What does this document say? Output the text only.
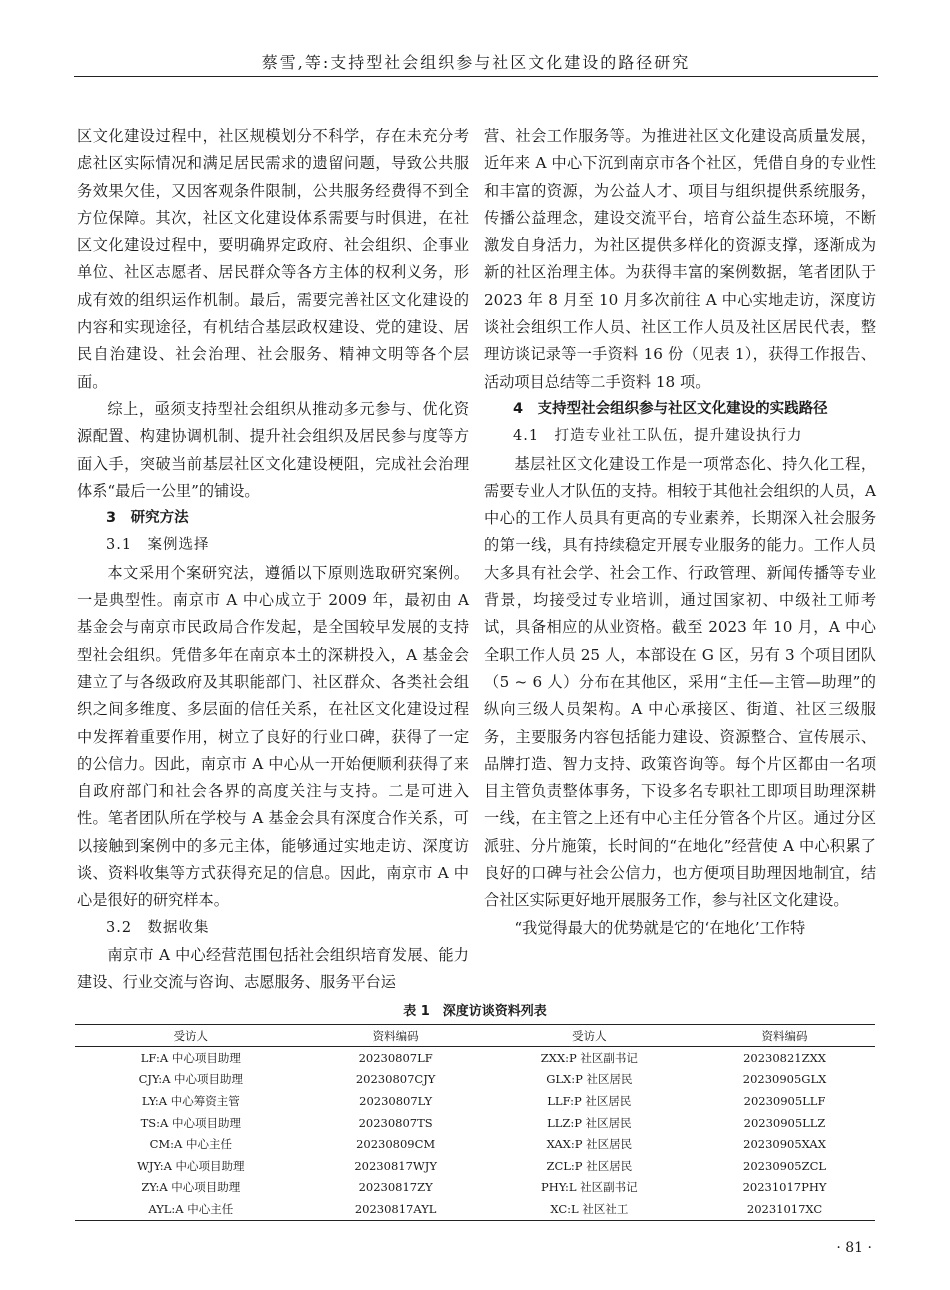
蔡雪,等:支持型社会组织参与社区文化建设的路径研究

区文化建设过程中，社区规模划分不科学，存在未充分考虑社区实际情况和满足居民需求的遗留问题，导致公共服务效果欠佳，又因客观条件限制，公共服务经费得不到全方位保障。其次，社区文化建设体系需要与时俱进，在社区文化建设过程中，要明确界定政府、社会组织、企事业单位、社区志愿者、居民群众等各方主体的权利义务，形成有效的组织运作机制。最后，需要完善社区文化建设的内容和实现途径，有机结合基层政权建设、党的建设、居民自治建设、社会治理、社会服务、精神文明等各个层面。

综上，亟须支持型社会组织从推动多元参与、优化资源配置、构建协调机制、提升社会组织及居民参与度等方面入手，突破当前基层社区文化建设梗阻，完成社会治理体系“最后一公里”的铺设。

3　研究方法
3.1　案例选择

本文采用个案研究法，遵循以下原则选取研究案例。一是典型性。南京市 A 中心成立于 2009 年，最初由 A 基金会与南京市民政局合作发起，是全国较早发展的支持型社会组织。凭借多年在南京本土的深耕投入，A 基金会建立了与各级政府及其职能部门、社区群众、各类社会组织之间多维度、多层面的信任关系，在社区文化建设过程中发挥着重要作用，树立了良好的行业口碑，获得了一定的公信力。因此，南京市 A 中心从一开始便顺利获得了来自政府部门和社会各界的高度关注与支持。二是可进入性。笔者团队所在学校与 A 基金会具有深度合作关系，可以接触到案例中的多元主体，能够通过实地走访、深度访谈、资料收集等方式获得充足的信息。因此，南京市 A 中心是很好的研究样本。

3.2　数据收集

南京市 A 中心经营范围包括社会组织培育发展、能力建设、行业交流与咨询、志愿服务、服务平台运

营、社会工作服务等。为推进社区文化建设高质量发展，近年来 A 中心下沉到南京市各个社区，凭借自身的专业性和丰富的资源，为公益人才、项目与组织提供系统服务，传播公益理念，建设交流平台，培育公益生态环境，不断激发自身活力，为社区提供多样化的资源支撑，逐渐成为新的社区治理主体。为获得丰富的案例数据，笔者团队于 2023 年 8 月至 10 月多次前往 A 中心实地走访，深度访谈社会组织工作人员、社区工作人员及社区居民代表，整理访谈记录等一手资料 16 份（见表 1），获得工作报告、活动项目总结等二手资料 18 项。

4　支持型社会组织参与社区文化建设的实践路径
4.1　打造专业社工队伍，提升建设执行力

基层社区文化建设工作是一项常态化、持久化工程，需要专业人才队伍的支持。相较于其他社会组织的人员，A 中心的工作人员具有更高的专业素养，长期深入社会服务的第一线，具有持续稳定开展专业服务的能力。工作人员大多具有社会学、社会工作、行政管理、新闻传播等专业背景，均接受过专业培训，通过国家初、中级社工师考试，具备相应的从业资格。截至 2023 年 10 月，A 中心全职工作人员 25 人，本部设在 G 区，另有 3 个项目团队（5 ~ 6 人）分布在其他区，采用“主任—主管—助理”的纵向三级人员架构。A 中心承接区、街道、社区三级服务，主要服务内容包括能力建设、资源整合、宣传展示、品牌打造、智力支持、政策咨询等。每个片区都由一名项目主管负责整体事务，下设多名专职社工即项目助理深耕一线，在主管之上还有中心主任分管各个片区。通过分区派驻、分片施策，长时间的“在地化”经营使 A 中心积累了良好的口碑与社会公信力，也方便项目助理因地制宜，结合社区实际更好地开展服务工作，参与社区文化建设。

“我觉得最大的优势就是它的‘在地化’工作特

表 1　深度访谈资料列表
受访人	资料编码	受访人	资料编码
LF:A 中心项目助理	20230807LF	ZXX:P 社区副书记	20230821ZXX
CJY:A 中心项目助理	20230807CJY	GLX:P 社区居民	20230905GLX
LY:A 中心筹资主管	20230807LY	LLF:P 社区居民	20230905LLF
TS:A 中心项目助理	20230807TS	LLZ:P 社区居民	20230905LLZ
CM:A 中心主任	20230809CM	XAX:P 社区居民	20230905XAX
WJY:A 中心项目助理	20230817WJY	ZCL:P 社区居民	20230905ZCL
ZY:A 中心项目助理	20230817ZY	PHY:L 社区副书记	20231017PHY
AYL:A 中心主任	20230817AYL	XC:L 社区社工	20231017XC
· 81 ·
